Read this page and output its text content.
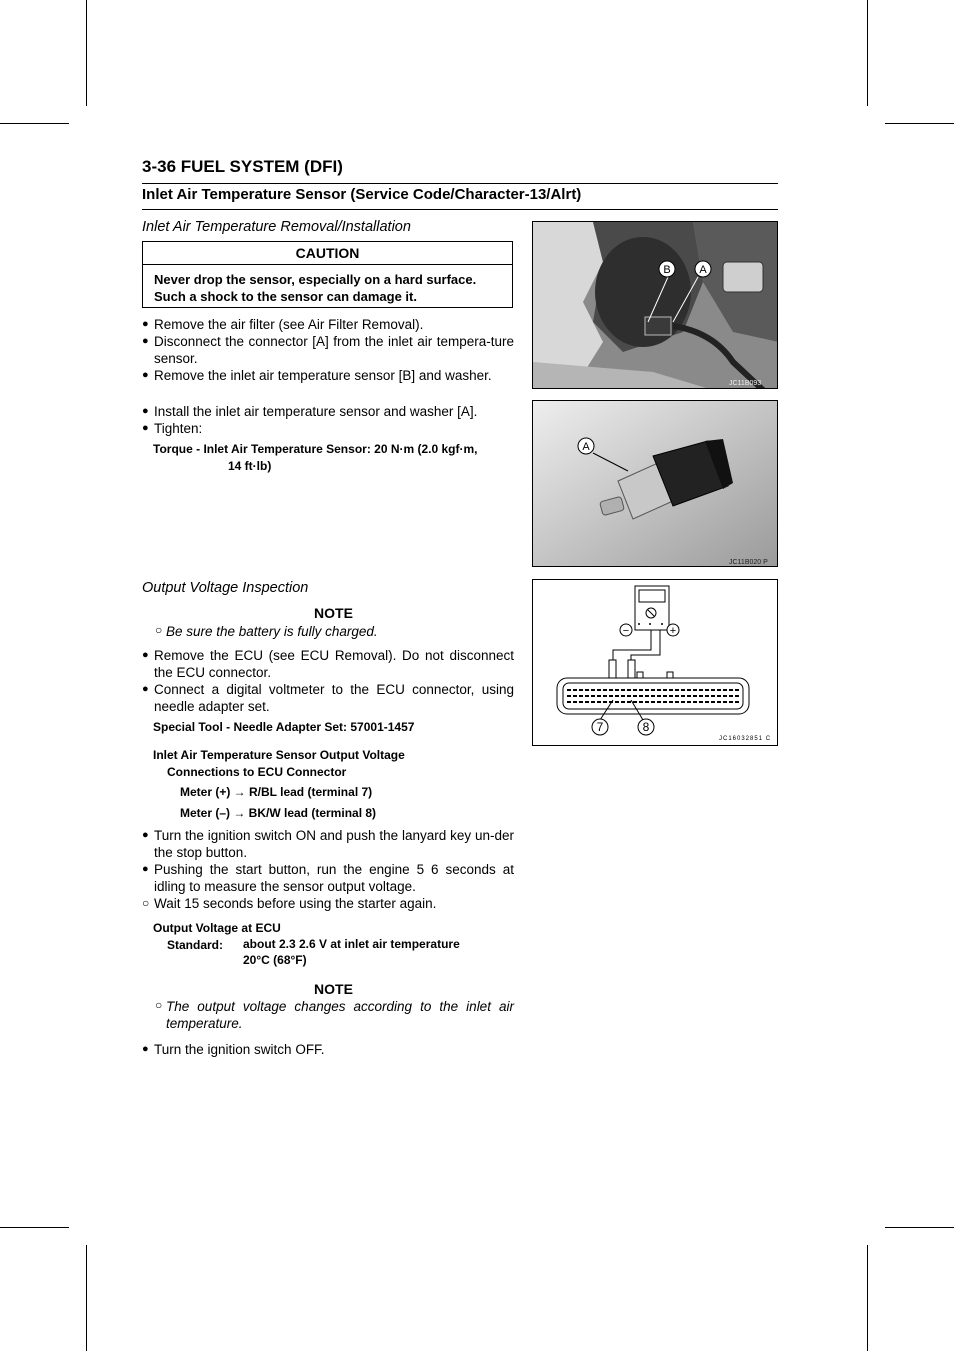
3-36 FUEL SYSTEM (DFI)
Inlet Air Temperature Sensor (Service Code/Character-13/Alrt)
Inlet Air Temperature Removal/Installation
CAUTION
Never drop the sensor, especially on a hard surface.
Such a shock to the sensor can damage it.
● Remove the air filter (see Air Filter Removal).
● Disconnect the connector [A] from the inlet air tempera-ture sensor.
● Remove the inlet air temperature sensor [B] and washer.
● Install the inlet air temperature sensor and washer [A].
● Tighten:
Torque - Inlet Air Temperature Sensor: 20 N·m (2.0 kgf·m,
14 ft·lb)
B	A
JC11B093
A
JC11B020 P
Output Voltage Inspection
NOTE
○ Be sure the battery is fully charged.
● Remove the ECU (see ECU Removal). Do not disconnect the ECU connector.
● Connect a digital voltmeter to the ECU connector, using needle adapter set.
Special Tool - Needle Adapter Set: 57001-1457
Inlet Air Temperature Sensor Output Voltage
Connections to ECU Connector
Meter (+) → R/BL lead (terminal 7)
Meter (–) → BK/W lead (terminal 8)
● Turn the ignition switch ON and push the lanyard key un-der the stop button.
● Pushing the start button, run the engine 5 6 seconds at idling to measure the sensor output voltage.
○ Wait 15 seconds before using the starter again.
Output Voltage at ECU
Standard: about 2.3 2.6 V at inlet air temperature
20°C (68°F)
NOTE
○ The output voltage changes according to the inlet air temperature.
● Turn the ignition switch OFF.
−	+
7	8
JC16032851 C
